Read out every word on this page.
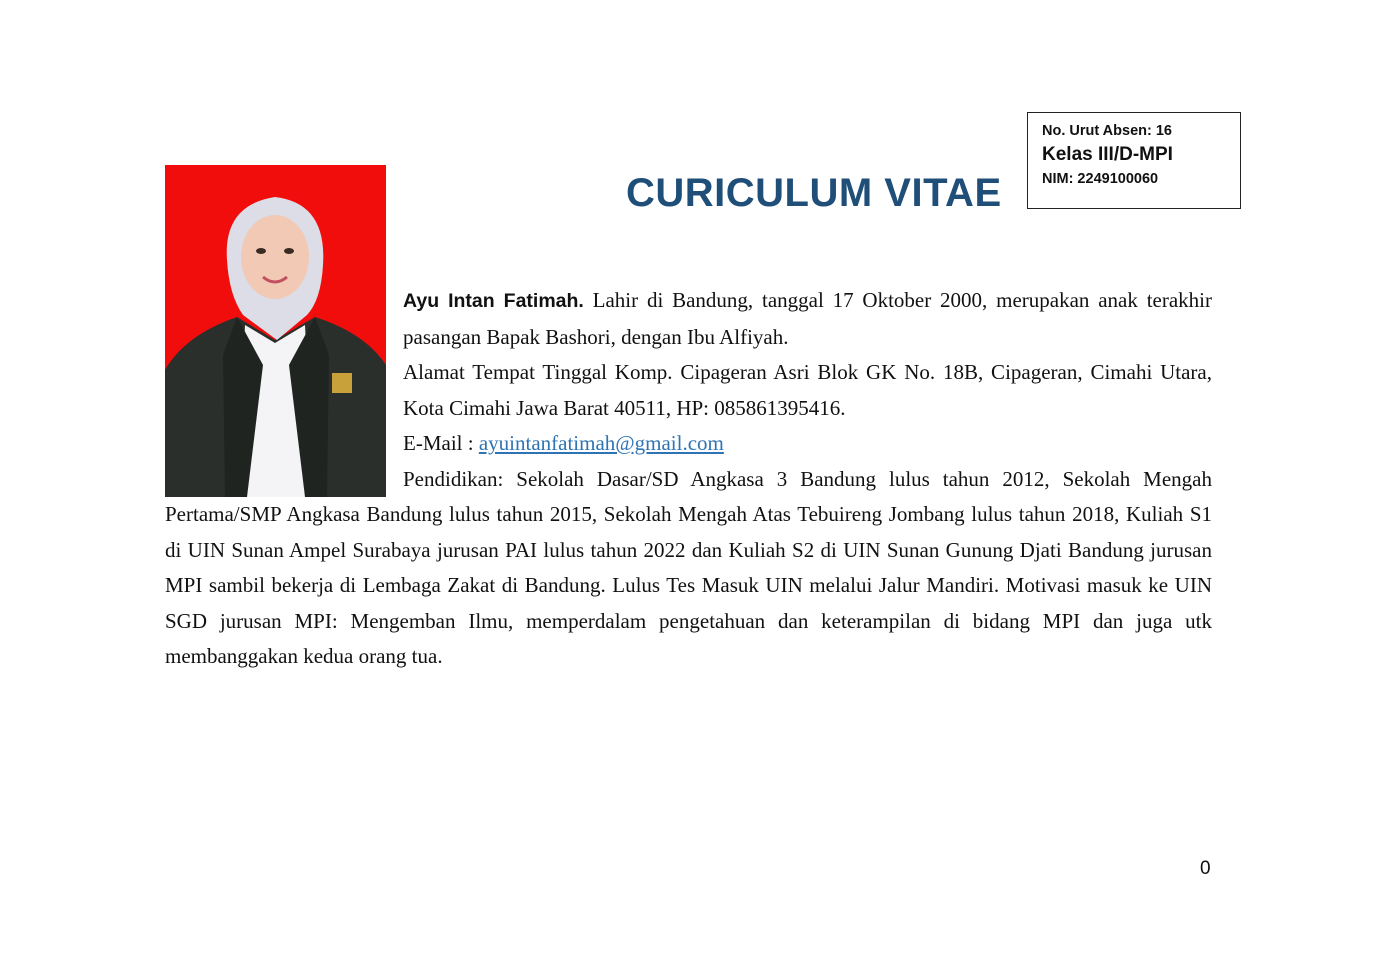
No. Urut Absen: 16
Kelas III/D-MPI
NIM: 2249100060
CURICULUM VITAE

Ayu Intan Fatimah. Lahir di Bandung, tanggal 17 Oktober 2000, merupakan anak terakhir pasangan Bapak Bashori, dengan Ibu Alfiyah.

Alamat Tempat Tinggal Komp. Cipageran Asri Blok GK No. 18B, Cipageran, Cimahi Utara, Kota Cimahi Jawa Barat 40511, HP: 085861395416.

E-Mail : ayuintanfatimah@gmail.com

Pendidikan: Sekolah Dasar/SD Angkasa 3 Bandung lulus tahun 2012, Sekolah Mengah Pertama/SMP Angkasa Bandung lulus tahun 2015, Sekolah Mengah Atas Tebuireng Jombang lulus tahun 2018, Kuliah S1 di UIN Sunan Ampel Surabaya jurusan PAI lulus tahun 2022 dan Kuliah S2 di UIN Sunan Gunung Djati Bandung jurusan MPI sambil bekerja di Lembaga Zakat di Bandung. Lulus Tes Masuk UIN melalui Jalur Mandiri. Motivasi masuk ke UIN SGD jurusan MPI: Mengemban Ilmu, memperdalam pengetahuan dan keterampilan di bidang MPI dan juga utk membanggakan kedua orang tua.

0
